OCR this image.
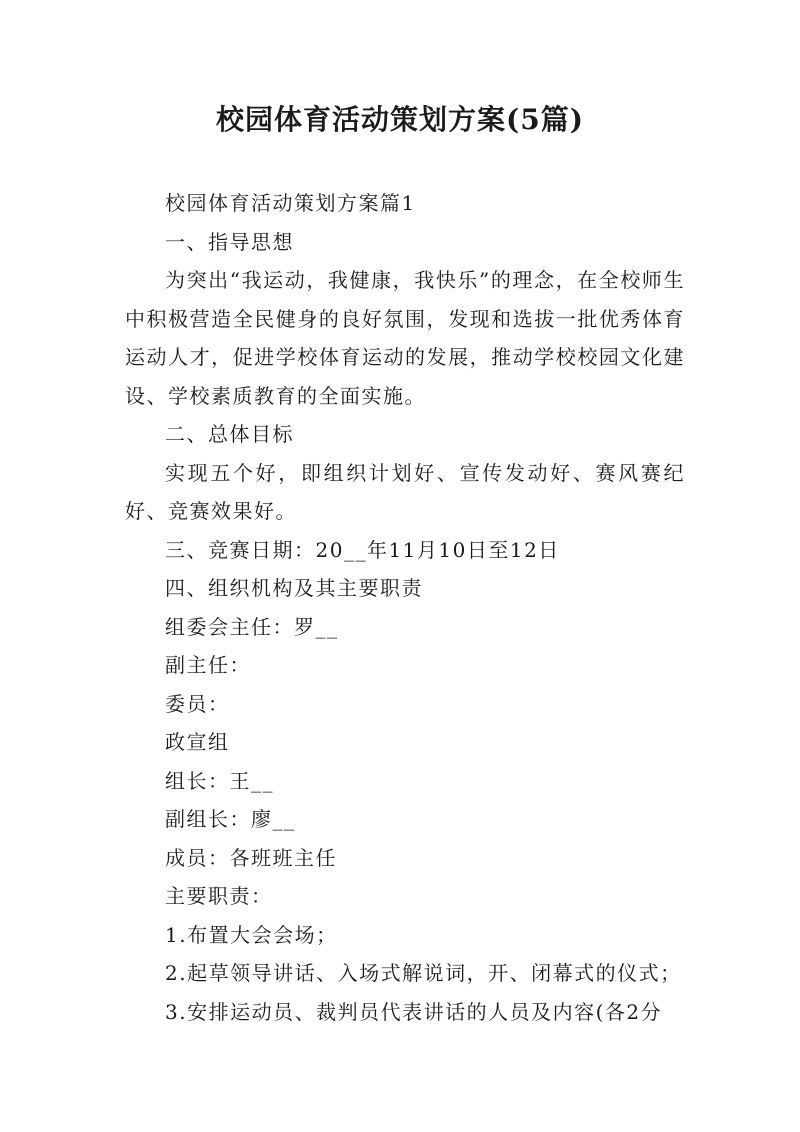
校园体育活动策划方案(5篇)

校园体育活动策划方案篇1

一、指导思想

为突出“我运动，我健康，我快乐”的理念，在全校师生中积极营造全民健身的良好氛围，发现和选拔一批优秀体育运动人才，促进学校体育运动的发展，推动学校校园文化建设、学校素质教育的全面实施。

二、总体目标

实现五个好，即组织计划好、宣传发动好、赛风赛纪好、竞赛效果好。

三、竞赛日期：20__年11月10日至12日

四、组织机构及其主要职责

组委会主任：罗__

副主任：

委员：

政宣组

组长：王__

副组长：廖__

成员：各班班主任

主要职责：

1.布置大会会场；

2.起草领导讲话、入场式解说词，开、闭幕式的仪式；

3.安排运动员、裁判员代表讲话的人员及内容(各2分
